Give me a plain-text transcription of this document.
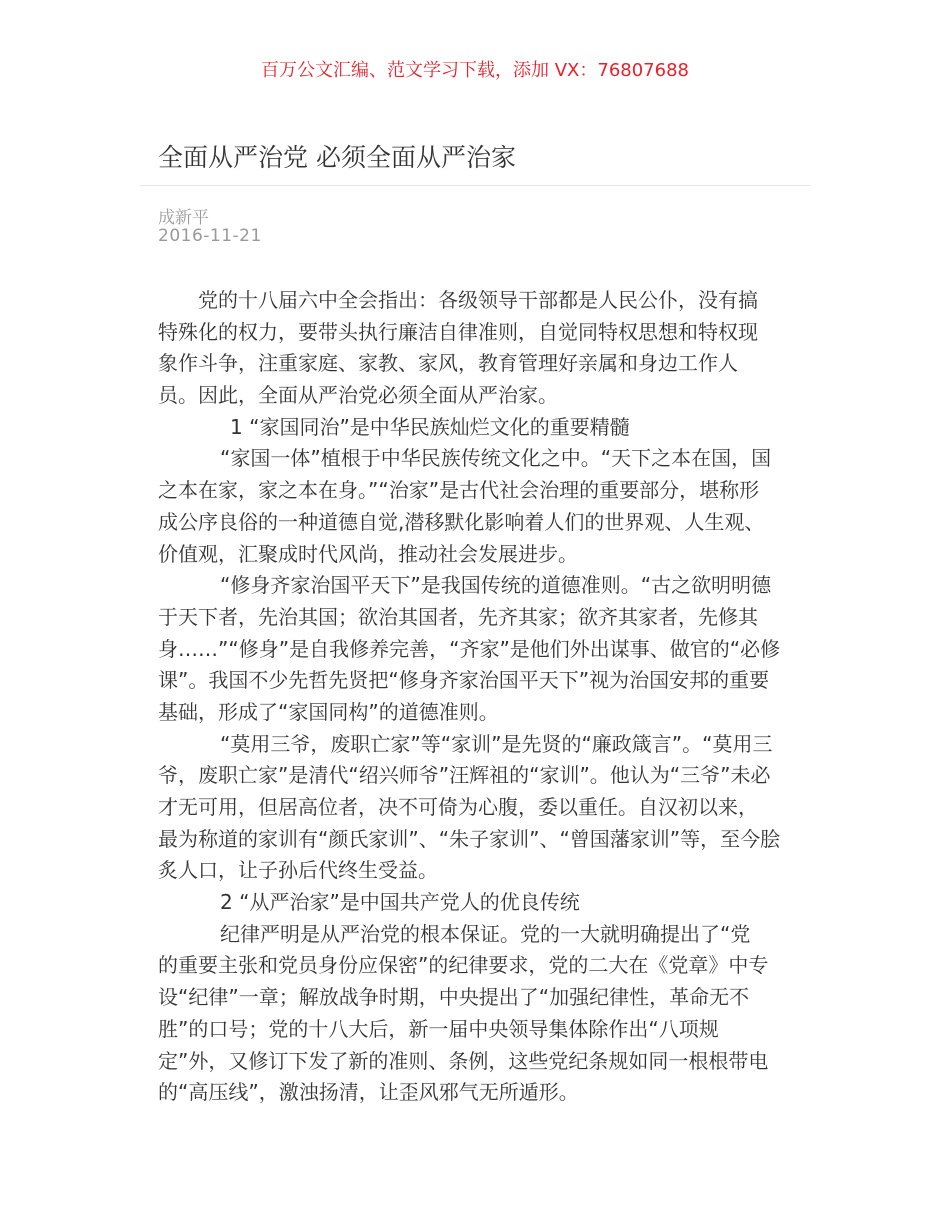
百万公文汇编、范文学习下载，添加 VX：76807688
全面从严治党 必须全面从严治家
成新平
2016-11-21
党的十八届六中全会指出：各级领导干部都是人民公仆，没有搞
特殊化的权力，要带头执行廉洁自律准则，自觉同特权思想和特权现
象作斗争，注重家庭、家教、家风，教育管理好亲属和身边工作人
员。因此，全面从严治党必须全面从严治家。
1 “家国同治”是中华民族灿烂文化的重要精髓
“家国一体”植根于中华民族传统文化之中。“天下之本在国，国
之本在家，家之本在身。”“治家”是古代社会治理的重要部分，堪称形
成公序良俗的一种道德自觉,潜移默化影响着人们的世界观、人生观、
价值观，汇聚成时代风尚，推动社会发展进步。
“修身齐家治国平天下”是我国传统的道德准则。“古之欲明明德
于天下者，先治其国；欲治其国者，先齐其家；欲齐其家者，先修其
身……”“修身”是自我修养完善，“齐家”是他们外出谋事、做官的“必修
课”。我国不少先哲先贤把“修身齐家治国平天下”视为治国安邦的重要
基础，形成了“家国同构”的道德准则。
“莫用三爷，废职亡家”等“家训”是先贤的“廉政箴言”。“莫用三
爷，废职亡家”是清代“绍兴师爷”汪辉祖的“家训”。他认为“三爷”未必
才无可用，但居高位者，决不可倚为心腹，委以重任。自汉初以来，
最为称道的家训有“颜氏家训”、“朱子家训”、“曾国藩家训”等，至今脍
炙人口，让子孙后代终生受益。
2 “从严治家”是中国共产党人的优良传统
纪律严明是从严治党的根本保证。党的一大就明确提出了“党
的重要主张和党员身份应保密”的纪律要求，党的二大在《党章》中专
设“纪律”一章；解放战争时期，中央提出了“加强纪律性，革命无不
胜”的口号；党的十八大后，新一届中央领导集体除作出“八项规
定”外，又修订下发了新的准则、条例，这些党纪条规如同一根根带电
的“高压线”，激浊扬清，让歪风邪气无所遁形。
